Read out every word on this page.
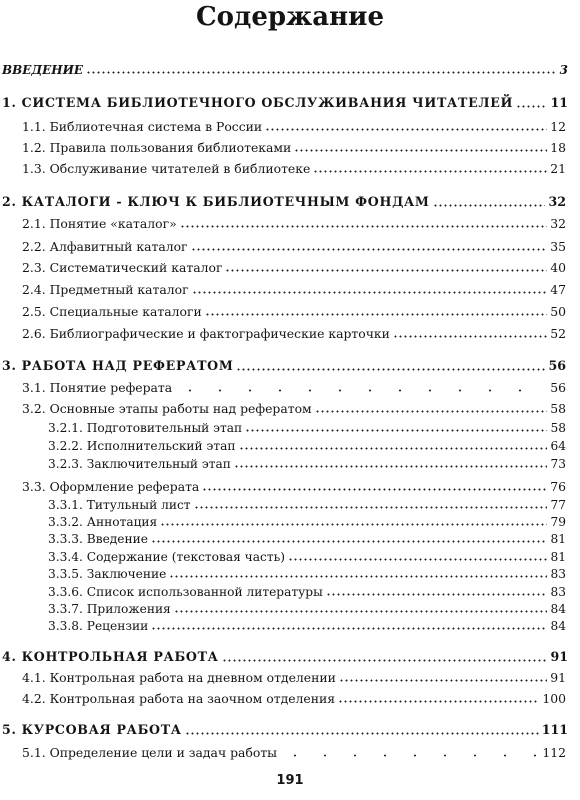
Содержание
ВВЕДЕНИЕ	3
1. СИСТЕМА БИБЛИОТЕЧНОГО ОБСЛУЖИВАНИЯ ЧИТАТЕЛЕЙ	11
1.1. Библиотечная система в России	12
1.2. Правила пользования библиотеками	18
1.3. Обслуживание читателей в библиотеке	21
2. КАТАЛОГИ - КЛЮЧ К БИБЛИОТЕЧНЫМ ФОНДАМ	32
2.1. Понятие «каталог»	32
2.2. Алфавитный каталог	35
2.3. Систематический каталог	40
2.4. Предметный каталог	47
2.5. Специальные каталоги	50
2.6. Библиографические и фактографические карточки	52
3. РАБОТА НАД РЕФЕРАТОМ	56
3.1. Понятие реферата	56
3.2. Основные этапы работы над рефератом	58
3.2.1. Подготовительный этап	58
3.2.2. Исполнительский этап	64
3.2.3. Заключительный этап	73
3.3. Оформление реферата	76
3.3.1. Титульный лист	77
3.3.2. Аннотация	79
3.3.3. Введение	81
3.3.4. Содержание (текстовая часть)	81
3.3.5. Заключение	83
3.3.6. Список использованной литературы	83
3.3.7. Приложения	84
3.3.8. Рецензии	84
4. КОНТРОЛЬНАЯ РАБОТА	91
4.1. Контрольная работа на дневном отделении	91
4.2. Контрольная работа на заочном отделения	100
5. КУРСОВАЯ РАБОТА	111
5.1. Определение цели и задач работы	112
191
